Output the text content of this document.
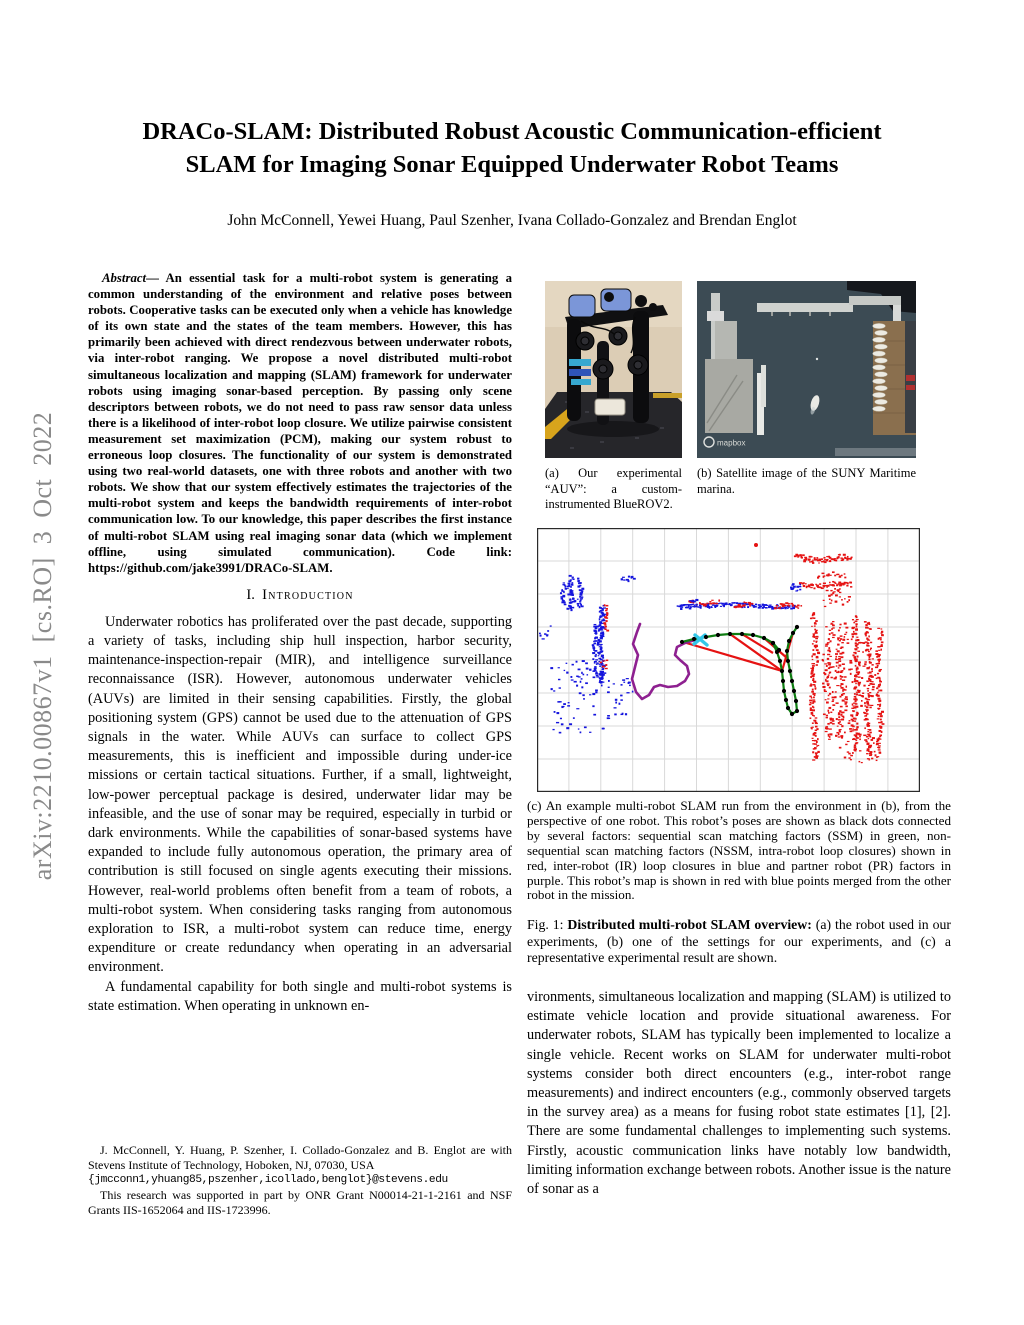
arXiv:2210.00867v1 [cs.RO] 3 Oct 2022
DRACo-SLAM: Distributed Robust Acoustic Communication-efficient
SLAM for Imaging Sonar Equipped Underwater Robot Teams
John McConnell, Yewei Huang, Paul Szenher, Ivana Collado-Gonzalez and Brendan Englot

Abstract— An essential task for a multi-robot system is generating a common understanding of the environment and relative poses between robots. Cooperative tasks can be executed only when a vehicle has knowledge of its own state and the states of the team members. However, this has primarily been achieved with direct rendezvous between underwater robots, via inter-robot ranging. We propose a novel distributed multi-robot simultaneous localization and mapping (SLAM) framework for underwater robots using imaging sonar-based perception. By passing only scene descriptors between robots, we do not need to pass raw sensor data unless there is a likelihood of inter-robot loop closure. We utilize pairwise consistent measurement set maximization (PCM), making our system robust to erroneous loop closures. The functionality of our system is demonstrated using two real-world datasets, one with three robots and another with two robots. We show that our system effectively estimates the trajectories of the multi-robot system and keeps the bandwidth requirements of inter-robot communication low. To our knowledge, this paper describes the first instance of multi-robot SLAM using real imaging sonar data (which we implement offline, using simulated communication). Code link: https://github.com/jake3991/DRACo-SLAM.

I. Introduction

Underwater robotics has proliferated over the past decade, supporting a variety of tasks, including ship hull inspection, harbor security, maintenance-inspection-repair (MIR), and intelligence surveillance reconnaissance (ISR). However, autonomous underwater vehicles (AUVs) are limited in their sensing capabilities. Firstly, the global positioning system (GPS) cannot be used due to the attenuation of GPS signals in the water. While AUVs can surface to collect GPS measurements, this is inefficient and impossible during under-ice missions or certain tactical situations. Further, if a small, lightweight, low-power perceptual package is desired, underwater lidar may be infeasible, and the use of sonar may be required, especially in turbid or dark environments. While the capabilities of sonar-based systems have expanded to include fully autonomous operation, the primary area of contribution is still focused on single agents executing their missions. However, real-world problems often benefit from a team of robots, a multi-robot system. When considering tasks ranging from autonomous exploration to ISR, a multi-robot system can reduce time, energy expenditure or create redundancy when operating in an adversarial environment.

A fundamental capability for both single and multi-robot systems is state estimation. When operating in unknown en-

J. McConnell, Y. Huang, P. Szenher, I. Collado-Gonzalez and B. Englot are with Stevens Institute of Technology, Hoboken, NJ, 07030, USA

{jmcconn1,yhuang85,pszenher,icollado,benglot}@stevens.edu

This research was supported in part by ONR Grant N00014-21-1-2161 and NSF Grants IIS-1652064 and IIS-1723996.

mapbox
(a) Our experimental “AUV”: a custom-instrumented BlueROV2.
(b) Satellite image of the SUNY Maritime marina.
(c) An example multi-robot SLAM run from the environment in (b), from the perspective of one robot. This robot’s poses are shown as black dots connected by several factors: sequential scan matching factors (SSM) in green, non-sequential scan matching factors (NSSM, intra-robot loop closures) shown in red, inter-robot (IR) loop closures in blue and partner robot (PR) factors in purple. This robot’s map is shown in red with blue points merged from the other robot in the mission.
Fig. 1: Distributed multi-robot SLAM overview: (a) the robot used in our experiments, (b) one of the settings for our experiments, and (c) a representative experimental result are shown.
vironments, simultaneous localization and mapping (SLAM) is utilized to estimate vehicle location and provide situational awareness. For underwater robots, SLAM has typically been implemented to localize a single vehicle. Recent works on SLAM for underwater multi-robot systems consider both direct encounters (e.g., inter-robot range measurements) and indirect encounters (e.g., commonly observed targets in the survey area) as a means for fusing robot state estimates [1], [2]. There are some fundamental challenges to implementing such systems. Firstly, acoustic communication links have notably low bandwidth, limiting information exchange between robots. Another issue is the nature of sonar as a
